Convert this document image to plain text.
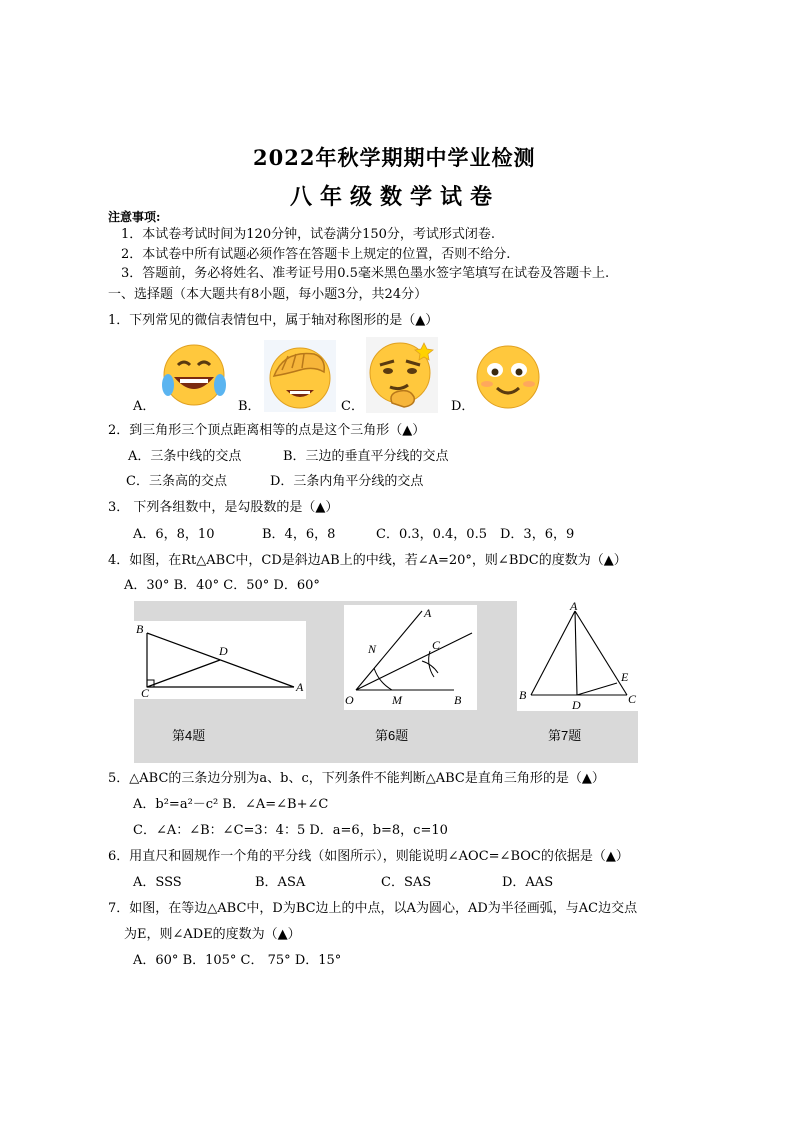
2022年秋学期期中学业检测
八年级数学试卷
注意事项:
1．本试卷考试时间为120分钟，试卷满分150分，考试形式闭卷.
2．本试卷中所有试题必须作答在答题卡上规定的位置，否则不给分.
3．答题前，务必将姓名、准考证号用0.5毫米黑色墨水签字笔填写在试卷及答题卡上.
一、选择题（本大题共有8小题，每小题3分，共24分）
1．下列常见的微信表情包中，属于轴对称图形的是（▲）
A．	B．	C．	D．
2．到三角形三个顶点距离相等的点是这个三角形（▲）
A．三条中线的交点	B．三边的垂直平分线的交点
C．三条高的交点	D．三条内角平分线的交点
3． 下列各组数中，是勾股数的是（▲）
A．6，8，10	B．4，6，8	C．0.3，0.4，0.5 D．3，6，9
4．如图，在Rt△ABC中，CD是斜边AB上的中线，若∠A=20°，则∠BDC的度数为（▲）
A．30° B．40° C．50° D．60°
B
D
C	A
第4题
A
N	C
O	M	B
第6题
A
E
B
D	C
第7题
5．△ABC的三条边分别为a、b、c，下列条件不能判断△ABC是直角三角形的是（▲）
A．b²=a²－c² B．∠A=∠B+∠C
C．∠A：∠B：∠C=3：4：5 D．a=6，b=8，c=10
6．用直尺和圆规作一个角的平分线（如图所示），则能说明∠AOC=∠BOC的依据是（▲）
A．SSS	B．ASA	C．SAS	D．AAS
7．如图，在等边△ABC中，D为BC边上的中点，以A为圆心，AD为半径画弧，与AC边交点
为E，则∠ADE的度数为（▲）
A．60° B．105° C． 75° D．15°
